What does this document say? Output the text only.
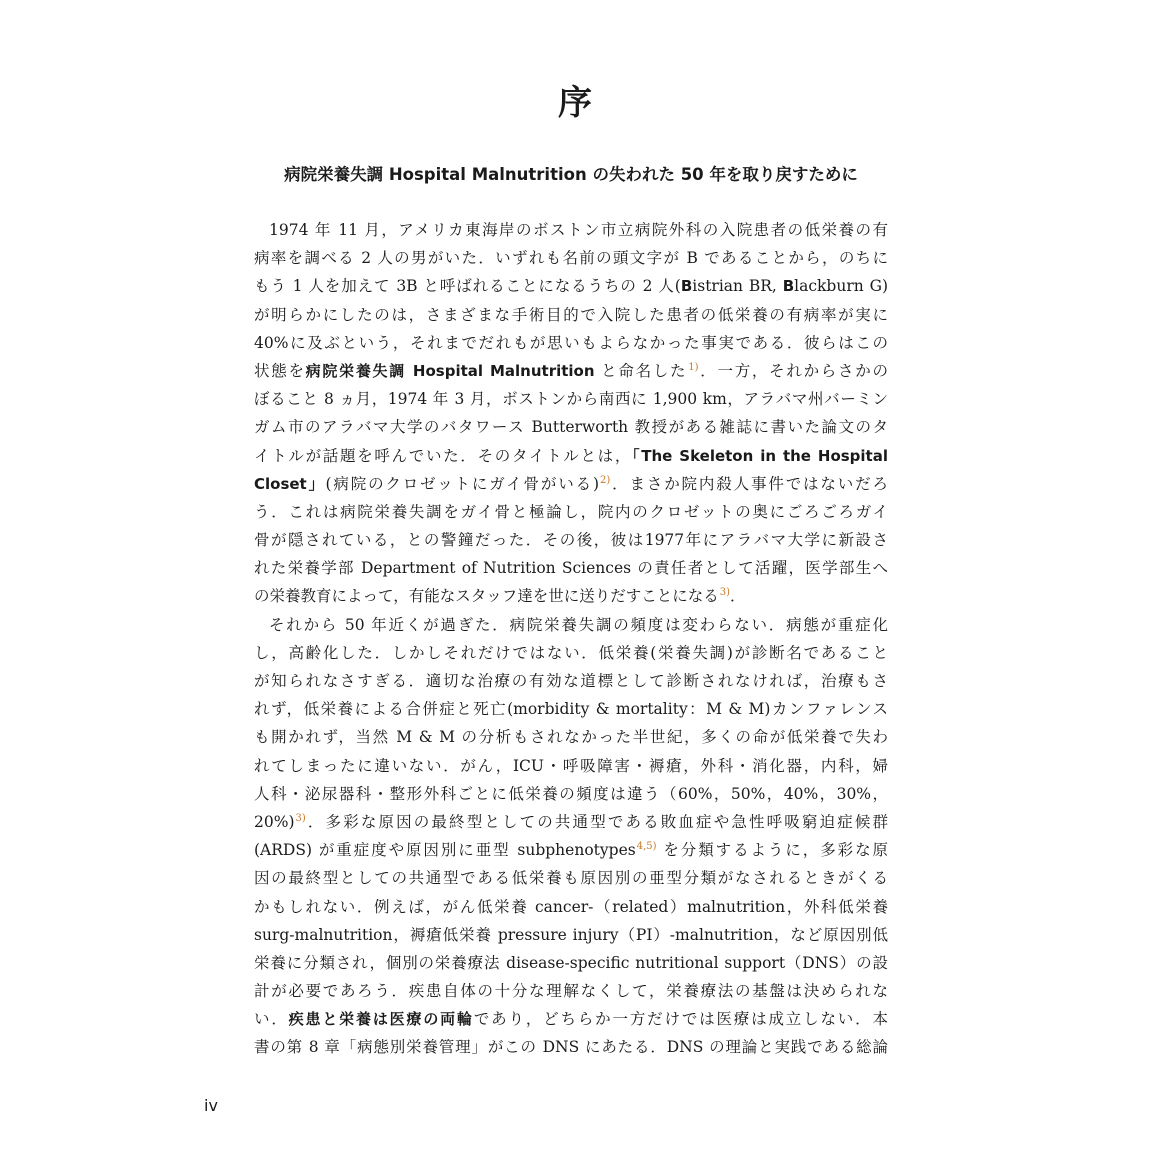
序
病院栄養失調 Hospital Malnutrition の失われた 50 年を取り戻すために
1974 年 11 月，アメリカ東海岸のボストン市立病院外科の入院患者の低栄養の有
病率を調べる 2 人の男がいた．いずれも名前の頭文字が B であることから，のちに
もう 1 人を加えて 3B と呼ばれることになるうちの 2 人(Bistrian BR, Blackburn G)
が明らかにしたのは，さまざまな手術目的で入院した患者の低栄養の有病率が実に
40%に及ぶという，それまでだれもが思いもよらなかった事実である．彼らはこの
状態を病院栄養失調 Hospital Malnutrition と命名した$^{1)}$．一方，それからさかの
ぼること 8 ヵ月，1974 年 3 月，ボストンから南西に 1,900 km，アラバマ州バーミン
ガム市のアラバマ大学のバタワース Butterworth 教授がある雑誌に書いた論文のタ
イトルが話題を呼んでいた．そのタイトルとは，「The Skeleton in the Hospital
Closet」(病院のクロゼットにガイ骨がいる)$^{2)}$．まさか院内殺人事件ではないだろ
う．これは病院栄養失調をガイ骨と極論し，院内のクロゼットの奥にごろごろガイ
骨が隠されている，との警鐘だった．その後，彼は1977年にアラバマ大学に新設さ
れた栄養学部 Department of Nutrition Sciences の責任者として活躍，医学部生へ
の栄養教育によって，有能なスタッフ達を世に送りだすことになる$^{3)}$．
それから 50 年近くが過ぎた．病院栄養失調の頻度は変わらない．病態が重症化
し，高齢化した．しかしそれだけではない．低栄養(栄養失調)が診断名であること
が知られなさすぎる．適切な治療の有効な道標として診断されなければ，治療もさ
れず，低栄養による合併症と死亡(morbidity & mortality：M & M)カンファレンス
も開かれず，当然 M & M の分析もされなかった半世紀，多くの命が低栄養で失わ
れてしまったに違いない．がん，ICU・呼吸障害・褥瘡，外科・消化器，内科，婦
人科・泌尿器科・整形外科ごとに低栄養の頻度は違う（60%，50%，40%，30%，
20%)$^{3)}$．多彩な原因の最終型としての共通型である敗血症や急性呼吸窮迫症候群
(ARDS) が重症度や原因別に亜型 subphenotypes$^{4,5)}$ を分類するように，多彩な原
因の最終型としての共通型である低栄養も原因別の亜型分類がなされるときがくる
かもしれない．例えば，がん低栄養 cancer-（related）malnutrition，外科低栄養
surg-malnutrition，褥瘡低栄養 pressure injury（PI）-malnutrition，など原因別低
栄養に分類され，個別の栄養療法 disease-specific nutritional support（DNS）の設
計が必要であろう．疾患自体の十分な理解なくして，栄養療法の基盤は決められな
い．疾患と栄養は医療の両輪であり，どちらか一方だけでは医療は成立しない．本
書の第 8 章「病態別栄養管理」がこの DNS にあたる．DNS の理論と実践である総論
iv
